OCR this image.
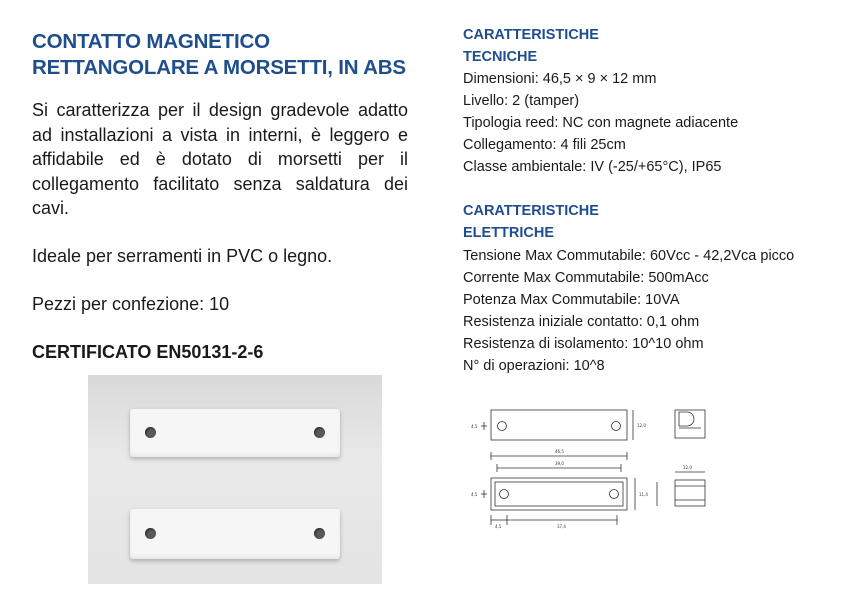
CONTATTO MAGNETICO
RETTANGOLARE A MORSETTI, IN ABS
Si caratterizza per il design gradevole adatto ad installazioni a vista in interni, è leggero e affidabile ed è dotato di morsetti per il collegamento facilitato senza saldatura dei cavi.
Ideale per serramenti in PVC o legno.
Pezzi per confezione: 10
CERTIFICATO EN50131-2-6
CARATTERISTICHE
TECNICHE
Dimensioni: 46,5 × 9 × 12 mm
Livello: 2 (tamper)
Tipologia reed: NC con magnete adiacente
Collegamento: 4 fili 25cm
Classe ambientale: IV (-25/+65°C), IP65
CARATTERISTICHE
ELETTRICHE
Tensione Max Commutabile: 60Vcc - 42,2Vca picco
Corrente Max Commutabile: 500mAcc
Potenza Max Commutabile: 10VA
Resistenza iniziale contatto: 0,1 ohm
Resistenza di isolamento: 10^10 ohm
N° di operazioni: 10^8
4,5	12,0
46,5
39,0
4,5	11,4
12,0
4,5	37,4
